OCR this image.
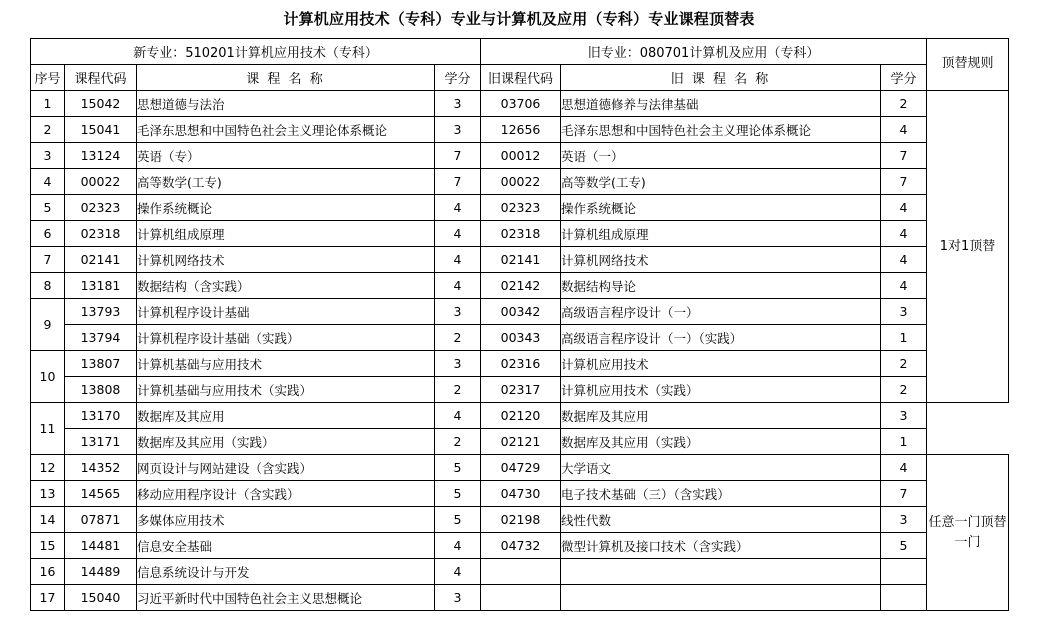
计算机应用技术（专科）专业与计算机及应用（专科）专业课程顶替表
新专业：510201计算机应用技术（专科）				旧专业：080701计算机及应用（专科）			顶替规则
序号	课程代码	课 程 名 称	学分	旧课程代码	旧 课 程 名 称	学分	
1	15042	思想道德与法治	3	03706	思想道德修养与法律基础	2	1对1顶替
2	15041	毛泽东思想和中国特色社会主义理论体系概论	3	12656	毛泽东思想和中国特色社会主义理论体系概论	4	
3	13124	英语（专）	7	00012	英语（一）	7	
4	00022	高等数学(工专)	7	00022	高等数学(工专)	7	
5	02323	操作系统概论	4	02323	操作系统概论	4	
6	02318	计算机组成原理	4	02318	计算机组成原理	4	
7	02141	计算机网络技术	4	02141	计算机网络技术	4	
8	13181	数据结构（含实践）	4	02142	数据结构导论	4	
9	13793	计算机程序设计基础	3	00342	高级语言程序设计（一）	3	
	13794	计算机程序设计基础（实践）	2	00343	高级语言程序设计（一）（实践）	1	
10	13807	计算机基础与应用技术	3	02316	计算机应用技术	2	
	13808	计算机基础与应用技术（实践）	2	02317	计算机应用技术（实践）	2	
11	13170	数据库及其应用	4	02120	数据库及其应用	3	
	13171	数据库及其应用（实践）	2	02121	数据库及其应用（实践）	1	
12	14352	网页设计与网站建设（含实践）	5	04729	大学语文	4	任意一门顶替一门
13	14565	移动应用程序设计（含实践）	5	04730	电子技术基础（三）（含实践）	7	
14	07871	多媒体应用技术	5	02198	线性代数	3	
15	14481	信息安全基础	4	04732	微型计算机及接口技术（含实践）	5	
16	14489	信息系统设计与开发	4				
17	15040	习近平新时代中国特色社会主义思想概论	3				
